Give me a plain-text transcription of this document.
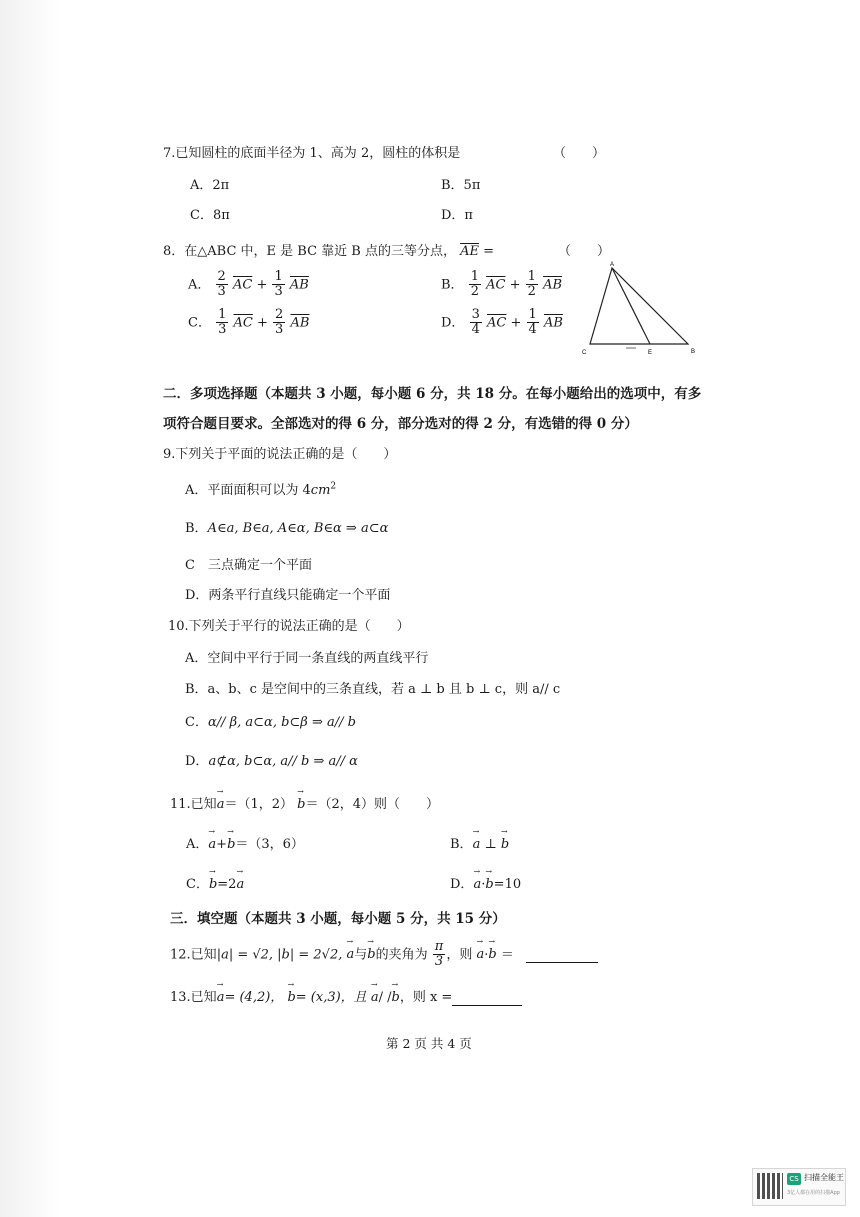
7.已知圆柱的底面半径为 1、高为 2，圆柱的体积是	（　　）
A．2π	B．5π
C．8π	D．π
8．在△ABC 中，E 是 BC 靠近 B 点的三等分点， $\overline{AE}$ =	（　　）
A． $\frac{2}{3} \overline{AC} + \frac{1}{3} \overline{AB}$	B． $\frac{1}{2} \overline{AC} + \frac{1}{2} \overline{AB}$
C． $\frac{1}{3} \overline{AC} + \frac{2}{3} \overline{AB}$	D． $\frac{3}{4} \overline{AC} + \frac{1}{4} \overline{AB}$
A
C	E	B
二．多项选择题（本题共 3 小题，每小题 6 分，共 18 分。在每小题给出的选项中，有多
项符合题目要求。全部选对的得 6 分，部分选对的得 2 分，有选错的得 0 分）
9.下列关于平面的说法正确的是（　　）
A．平面面积可以为 $4cm^2$
B．A∈a, B∈a, A∈α, B∈α ⇒ a⊂α
C　三点确定一个平面
D．两条平行直线只能确定一个平面
10.下列关于平行的说法正确的是（　　）
A．空间中平行于同一条直线的两直线平行
B．a、b、c 是空间中的三条直线，若 a ⊥ b 且 b ⊥ c，则 a// c
C．α// β, a⊂α, b⊂β ⇒ a// b
D．a⊄α, b⊂α, a// b ⇒ a// α
11.已知→ a＝（1，2） → b＝（2，4）则（　　）
A．→ a+→ b＝（3，6）	B．→ a ⊥ → b
C．→ b=2→ a	D．→ a·→ b=10
三．填空题（本题共 3 小题，每小题 5 分，共 15 分）
12.已知|a| = √2, |b| = 2√2, → a与→ b的夹角为 $\frac{\pi}{3}$ ，则 → a·→ b ＝
13.已知→ a= (4,2)， → b= (x,3)，且 → a/ /→ b，则 x =
第 2 页 共 4 页
CS 扫描全能王
3亿人都在用的扫描App
